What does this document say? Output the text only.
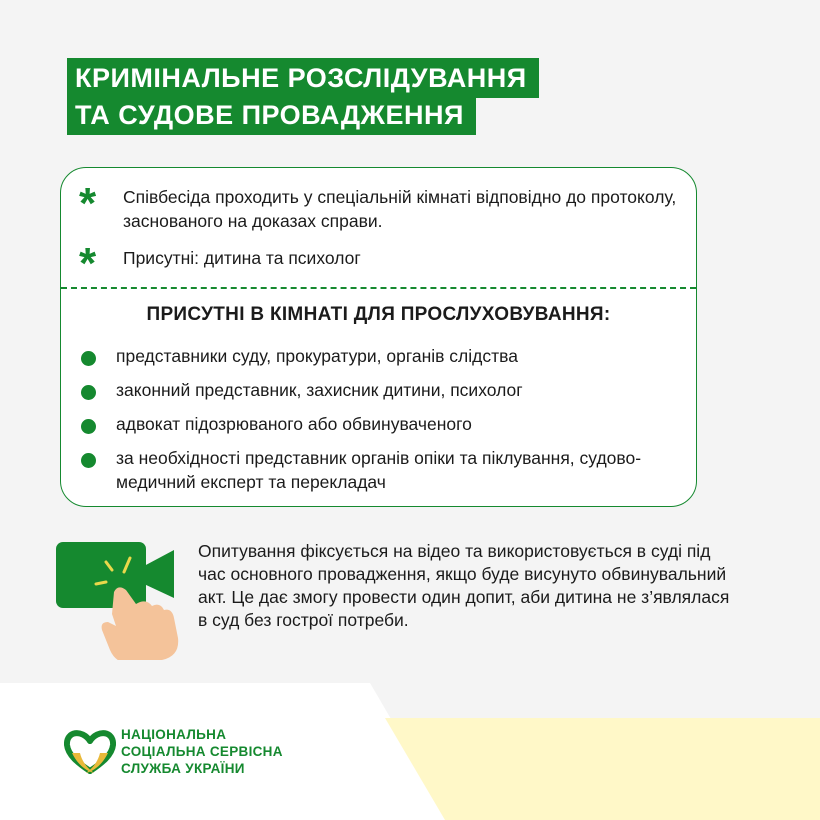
КРИМІНАЛЬНЕ РОЗСЛІДУВАННЯ
ТА СУДОВЕ ПРОВАДЖЕННЯ
* Співбесіда проходить у спеціальній кімнаті відповідно до протоколу, заснованого на доказах справи.
* Присутні: дитина та психолог
ПРИСУТНІ В КІМНАТІ ДЛЯ ПРОСЛУХОВУВАННЯ:
представники суду, прокуратури, органів слідства
законний представник, захисник дитини, психолог
адвокат підозрюваного або обвинуваченого
за необхідності представник органів опіки та піклування, судово-медичний експерт та перекладач
Опитування фіксується на відео та використовується в суді під час основного провадження, якщо буде висунуто обвинувальний акт. Це дає змогу провести один допит, аби дитина не з’являлася в суд без гострої потреби.
НАЦІОНАЛЬНА
СОЦІАЛЬНА СЕРВІСНА
СЛУЖБА УКРАЇНИ
